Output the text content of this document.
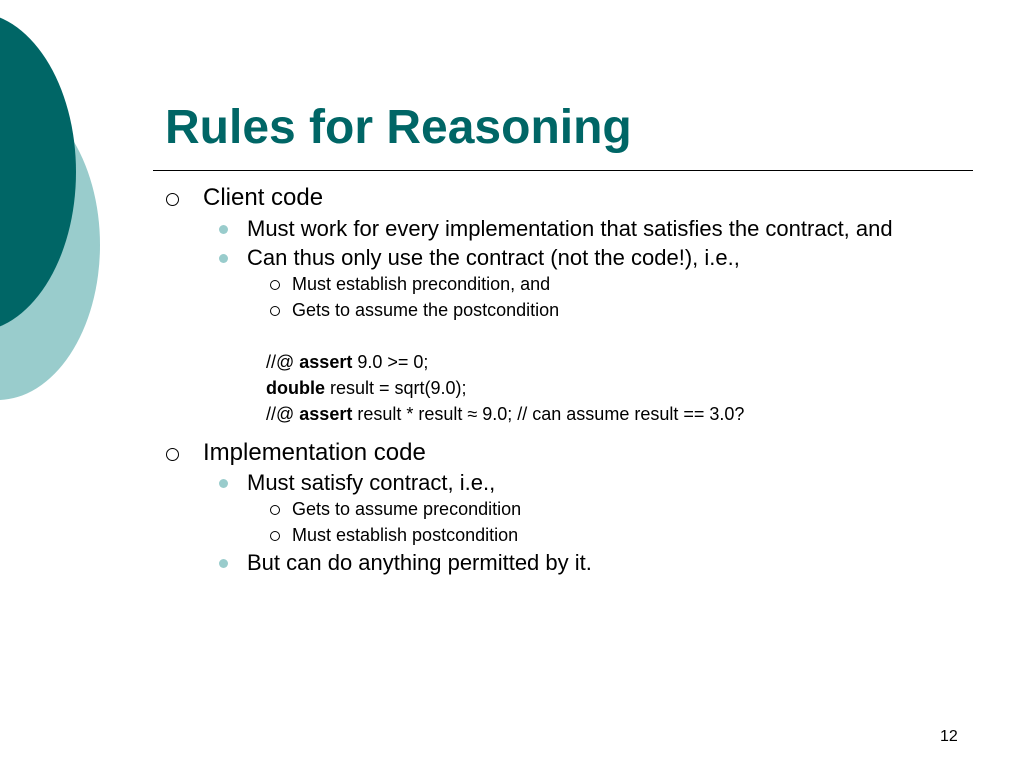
Rules for Reasoning
Client code
Must work for every implementation that satisfies the contract, and
Can thus only use the contract (not the code!), i.e.,
Must establish precondition, and
Gets to assume the postcondition
//@ assert 9.0 >= 0;
double result = sqrt(9.0);
//@ assert result * result ≈ 9.0; // can assume result == 3.0?
Implementation code
Must satisfy contract, i.e.,
Gets to assume precondition
Must establish postcondition
But can do anything permitted by it.
12
